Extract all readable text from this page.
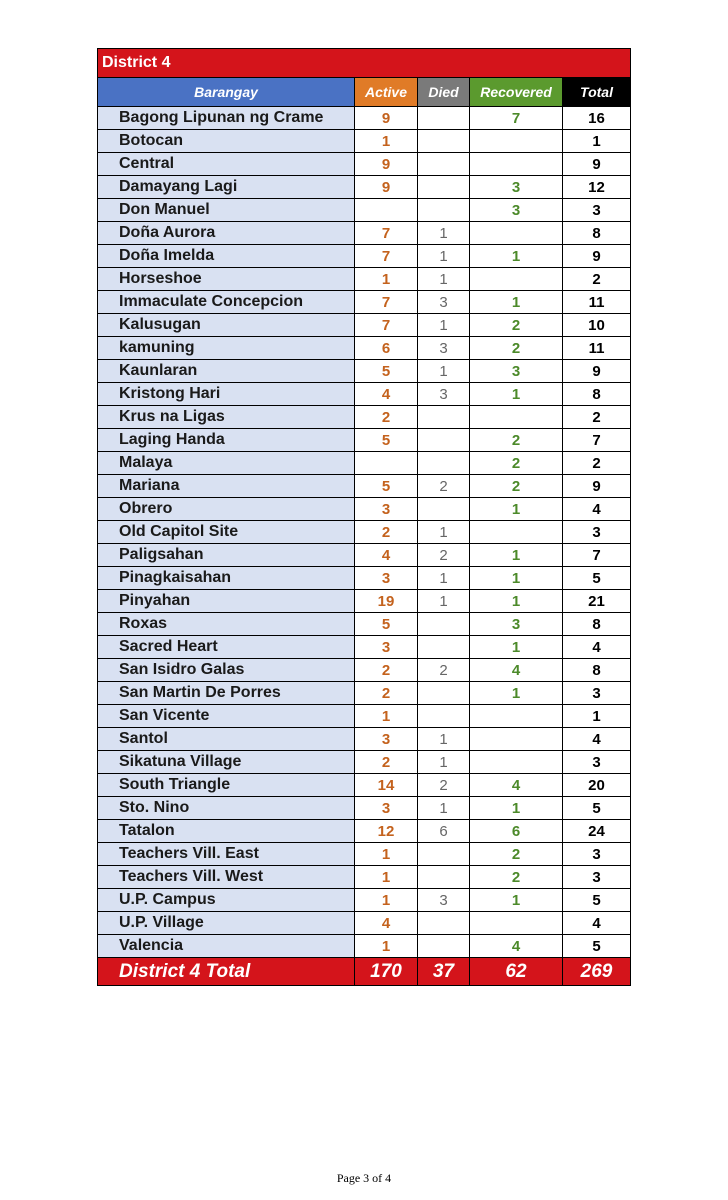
District 4				
Barangay	Active	Died	Recovered	Total
Bagong Lipunan ng Crame	9		7	16
Botocan	1			1
Central	9			9
Damayang Lagi	9		3	12
Don Manuel			3	3
Doña Aurora	7	1		8
Doña Imelda	7	1	1	9
Horseshoe	1	1		2
Immaculate Concepcion	7	3	1	11
Kalusugan	7	1	2	10
kamuning	6	3	2	11
Kaunlaran	5	1	3	9
Kristong Hari	4	3	1	8
Krus na Ligas	2			2
Laging Handa	5		2	7
Malaya			2	2
Mariana	5	2	2	9
Obrero	3		1	4
Old Capitol Site	2	1		3
Paligsahan	4	2	1	7
Pinagkaisahan	3	1	1	5
Pinyahan	19	1	1	21
Roxas	5		3	8
Sacred Heart	3		1	4
San Isidro Galas	2	2	4	8
San Martin De Porres	2		1	3
San Vicente	1			1
Santol	3	1		4
Sikatuna Village	2	1		3
South Triangle	14	2	4	20
Sto. Nino	3	1	1	5
Tatalon	12	6	6	24
Teachers Vill. East	1		2	3
Teachers Vill. West	1		2	3
U.P. Campus	1	3	1	5
U.P. Village	4			4
Valencia	1		4	5
District 4 Total	170	37	62	269
Page 3 of 4
